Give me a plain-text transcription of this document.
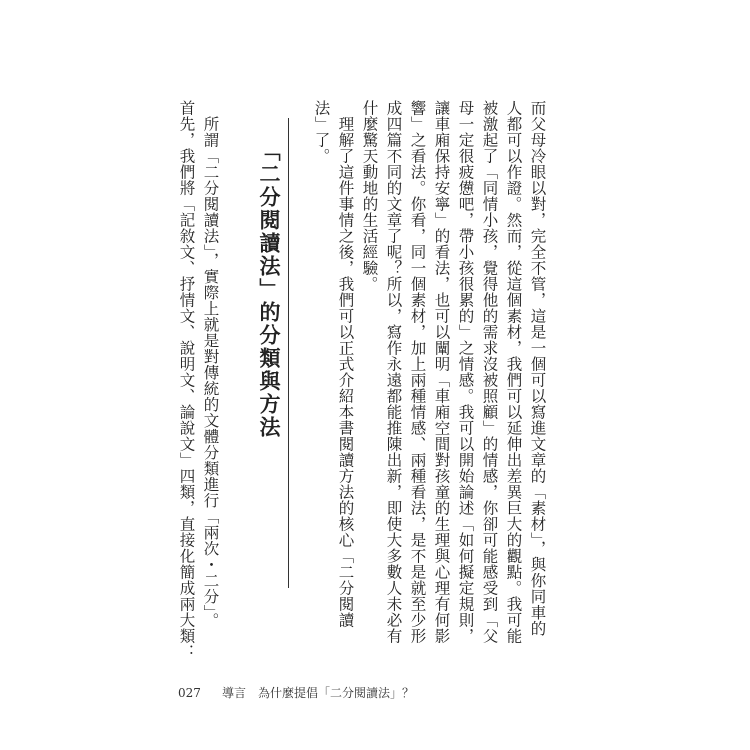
而父母冷眼以對，完全不管，這是一個可以寫進文章的「素材」，與你同車的
人都可以作證。然而，從這個素材，我們可以延伸出差異巨大的觀點。我可能
被激起了「同情小孩，覺得他的需求沒被照顧」的情感，你卻可能感受到「父
母一定很疲憊吧，帶小孩很累的」之情感。我可以開始論述「如何擬定規則，
讓車廂保持安寧」的看法，也可以闡明「車廂空間對孩童的生理與心理有何影
響」之看法。你看，同一個素材，加上兩種情感、兩種看法，是不是就至少形
成四篇不同的文章了呢？所以，寫作永遠都能推陳出新，即使大多數人未必有
什麼驚天動地的生活經驗。
　理解了這件事情之後，我們可以正式介紹本書閱讀方法的核心「二分閱讀
法」了。
「二分閱讀法」的分類與方法
　所謂「二分閱讀法」，實際上就是對傳統的文體分類進行「兩次・二分」。
首先，我們將「記敘文、抒情文、說明文、論說文」四類，直接化簡成兩大類：
027 導言 為什麼提倡「二分閱讀法」？
